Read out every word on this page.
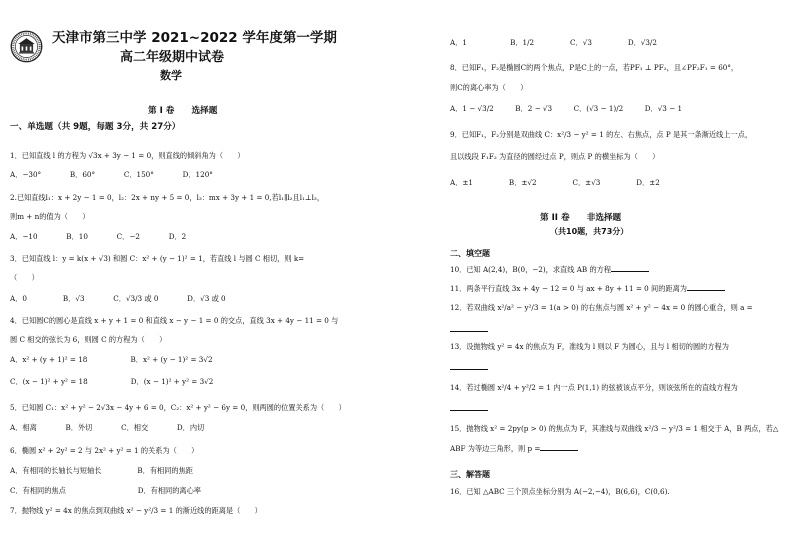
天津市第三中学 2021~2022 学年度第一学期
高二年级期中试卷
数学
第 I 卷　　选择题
一、单选题（共 9题，每题 3分，共 27分）
1．已知直线 l 的方程为 √3x + 3y − 1 = 0，则直线的倾斜角为（　　）
A．−30°　　　　B．60°　　　　C．150°　　　　D．120°
2.已知直线l₁：x + 2y − 1 = 0，l₂：2x + ny + 5 = 0，l₃：mx + 3y + 1 = 0,若l₁∥l₂且l₁⊥l₃，
则m + n的值为（　　）
A．−10　　　　B．10　　　　C．−2　　　　D．2
3．已知直线 l：y = k(x + √3) 和圆 C：x² + (y − 1)² = 1，若直线 l 与圆 C 相切，则 k=
（　　）
A．0　　　　　B．√3　　　　C．√3/3 或 0　　　　D．√3 或 0
4．已知圆C的圆心是直线 x + y + 1 = 0 和直线 x − y − 1 = 0 的交点，直线 3x + 4y − 11 = 0 与
圆 C 相交的弦长为 6，则圆 C 的方程为（　　）
A．x² + (y + 1)² = 18　　　　　　B．x² + (y − 1)² = 3√2
C．(x − 1)² + y² = 18　　　　　　D．(x − 1)² + y² = 3√2
5．已知圆 C₁：x² + y² − 2√3x − 4y + 6 = 0，C₂：x² + y² − 6y = 0，则两圆的位置关系为（　　）
A．相离　　　　B．外切　　　　C．相交　　　　D．内切
6．椭圆 x² + 2y² = 2 与 2x² + y² = 1 的关系为（　　）
A．有相同的长轴长与短轴长　　　　　B．有相同的焦距
C．有相同的焦点　　　　　　　　　　D．有相同的离心率
7．抛物线 y² = 4x 的焦点到双曲线 x² − y²/3 = 1 的渐近线的距离是（　　）
A．1　　　　　　B．1/2　　　　　C．√3　　　　　D．√3/2
8．已知F₁，F₂是椭圆C的两个焦点，P是C上的一点，若PF₁ ⊥ PF₂，且∠PF₂F₁ = 60°，
则C的离心率为（　　）
A．1 − √3/2　　　B．2 − √3　　　C．(√3 − 1)/2　　　D．√3 − 1
9．已知F₁，F₂分别是双曲线 C：x²/3 − y² = 1 的左、右焦点，点 P 是其一条渐近线上一点，
且以线段 F₁F₂ 为直径的圆经过点 P，则点 P 的横坐标为（　　）
A．±1　　　　　B．±√2　　　　　C．±√3　　　　　D．±2
第 II 卷　　非选择题
（共10题，共73分）
二、填空题
10．已知 A(2,4)，B(0，−2)，求直线 AB 的方程
11．两条平行直线 3x + 4y − 12 = 0 与 ax + 8y + 11 = 0 间的距离为
12．若双曲线 x²/a² − y²/3 = 1(a > 0) 的右焦点与圆 x² + y² − 4x = 0 的圆心重合，则 a =
13．设抛物线 y² = 4x 的焦点为 F，准线为 l 则以 F 为圆心，且与 l 相切的圆的方程为
14．若过椭圆 x²/4 + y²/2 = 1 内一点 P(1,1) 的弦被该点平分，则该弦所在的直线方程为
15．抛物线 x² = 2py(p > 0) 的焦点为 F，其准线与双曲线 x²/3 − y²/3 = 1 相交于 A，B 两点，若△
ABF 为等边三角形，则 p =
三、解答题
16．已知 △ABC 三个顶点坐标分别为 A(−2,−4)，B(6,6)，C(0,6).
